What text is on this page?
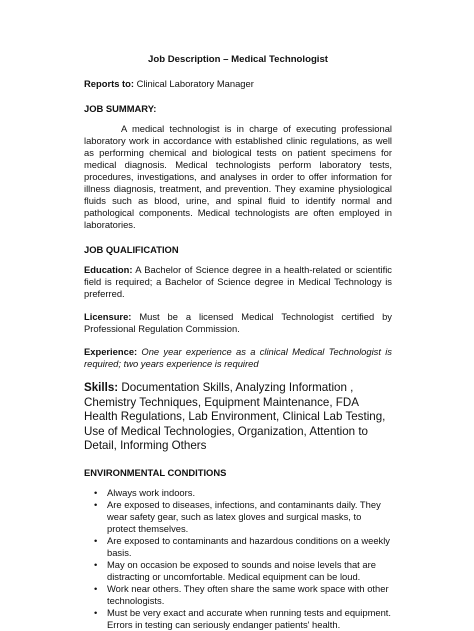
Job Description – Medical Technologist
Reports to: Clinical Laboratory Manager
JOB SUMMARY:
A medical technologist is in charge of executing professional laboratory work in accordance with established clinic regulations, as well as performing chemical and biological tests on patient specimens for medical diagnosis. Medical technologists perform laboratory tests, procedures, investigations, and analyses in order to offer information for illness diagnosis, treatment, and prevention. They examine physiological fluids such as blood, urine, and spinal fluid to identify normal and pathological components. Medical technologists are often employed in laboratories.
JOB QUALIFICATION
Education: A Bachelor of Science degree in a health-related or scientific field is required; a Bachelor of Science degree in Medical Technology is preferred.
Licensure: Must be a licensed Medical Technologist certified by Professional Regulation Commission.
Experience: One year experience as a clinical Medical Technologist is required; two years experience is required
Skills: Documentation Skills, Analyzing Information , Chemistry Techniques, Equipment Maintenance, FDA Health Regulations, Lab Environment, Clinical Lab Testing, Use of Medical Technologies, Organization, Attention to Detail, Informing Others
ENVIRONMENTAL CONDITIONS
• Always work indoors.
• Are exposed to diseases, infections, and contaminants daily. They wear safety gear, such as latex gloves and surgical masks, to protect themselves.
• Are exposed to contaminants and hazardous conditions on a weekly basis.
• May on occasion be exposed to sounds and noise levels that are distracting or uncomfortable. Medical equipment can be loud.
• Work near others. They often share the same work space with other technologists.
• Must be very exact and accurate when running tests and equipment. Errors in testing can seriously endanger patients' health.
